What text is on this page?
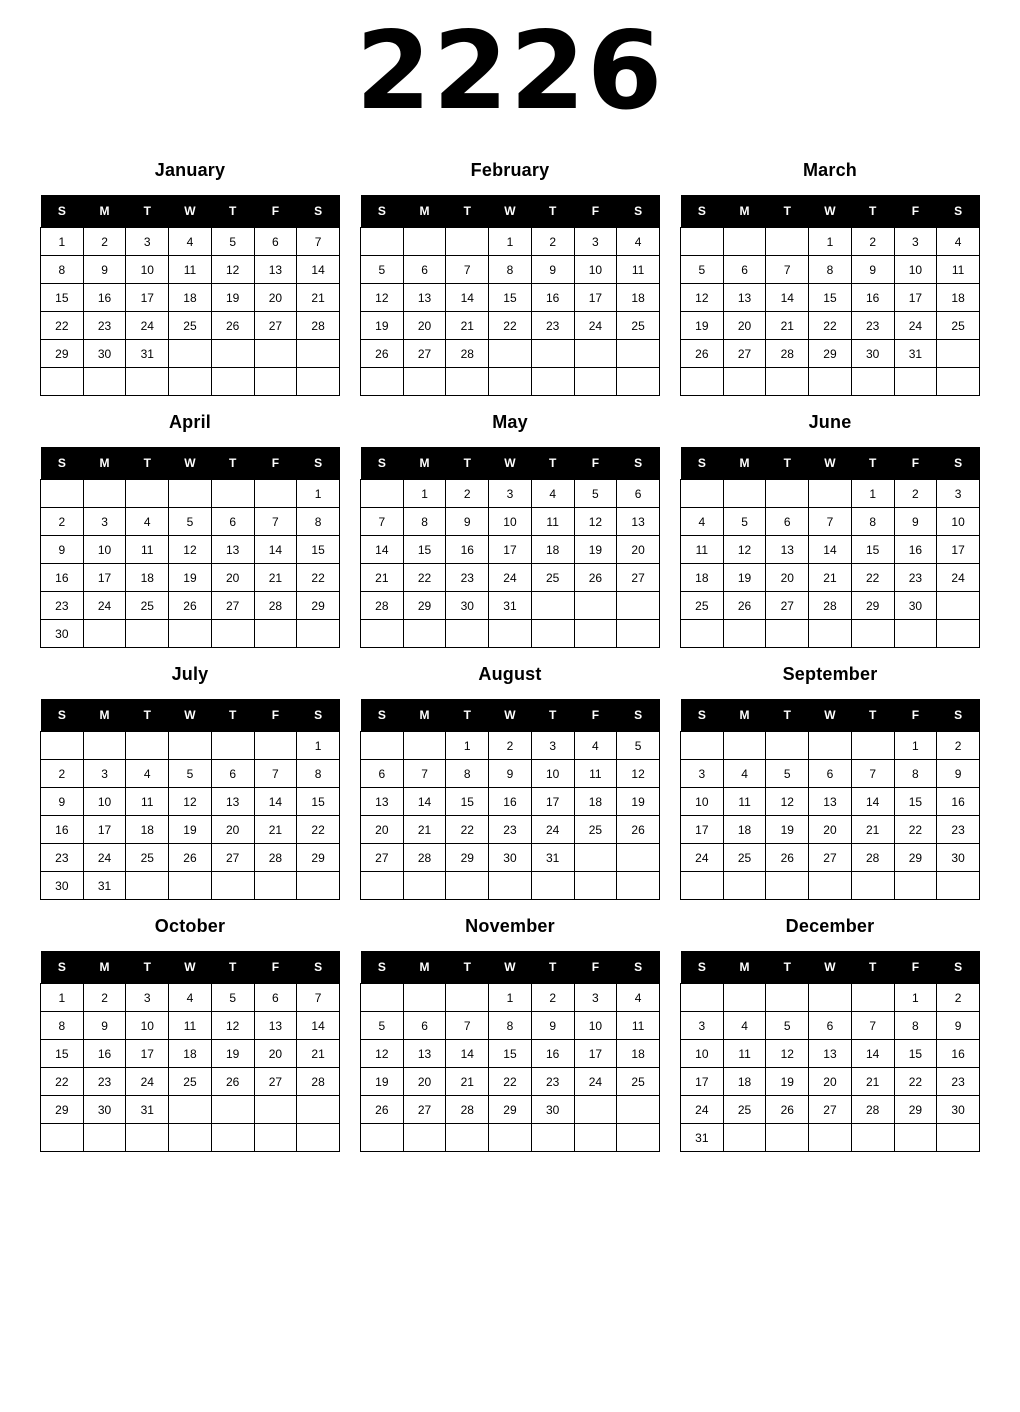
2226
January
S	M	T	W	T	F	S
1	2	3	4	5	6	7
8	9	10	11	12	13	14
15	16	17	18	19	20	21
22	23	24	25	26	27	28
29	30	31				

February
S	M	T	W	T	F	S
			1	2	3	4
5	6	7	8	9	10	11
12	13	14	15	16	17	18
19	20	21	22	23	24	25
26	27	28				

March
S	M	T	W	T	F	S
			1	2	3	4
5	6	7	8	9	10	11
12	13	14	15	16	17	18
19	20	21	22	23	24	25
26	27	28	29	30	31	

April
S	M	T	W	T	F	S
						1
2	3	4	5	6	7	8
9	10	11	12	13	14	15
16	17	18	19	20	21	22
23	24	25	26	27	28	29
30						
May
S	M	T	W	T	F	S
	1	2	3	4	5	6
7	8	9	10	11	12	13
14	15	16	17	18	19	20
21	22	23	24	25	26	27
28	29	30	31			

June
S	M	T	W	T	F	S
				1	2	3
4	5	6	7	8	9	10
11	12	13	14	15	16	17
18	19	20	21	22	23	24
25	26	27	28	29	30	

July
S	M	T	W	T	F	S
						1
2	3	4	5	6	7	8
9	10	11	12	13	14	15
16	17	18	19	20	21	22
23	24	25	26	27	28	29
30	31					
August
S	M	T	W	T	F	S
		1	2	3	4	5
6	7	8	9	10	11	12
13	14	15	16	17	18	19
20	21	22	23	24	25	26
27	28	29	30	31		

September
S	M	T	W	T	F	S
					1	2
3	4	5	6	7	8	9
10	11	12	13	14	15	16
17	18	19	20	21	22	23
24	25	26	27	28	29	30

October
S	M	T	W	T	F	S
1	2	3	4	5	6	7
8	9	10	11	12	13	14
15	16	17	18	19	20	21
22	23	24	25	26	27	28
29	30	31				

November
S	M	T	W	T	F	S
			1	2	3	4
5	6	7	8	9	10	11
12	13	14	15	16	17	18
19	20	21	22	23	24	25
26	27	28	29	30		

December
S	M	T	W	T	F	S
					1	2
3	4	5	6	7	8	9
10	11	12	13	14	15	16
17	18	19	20	21	22	23
24	25	26	27	28	29	30
31						
